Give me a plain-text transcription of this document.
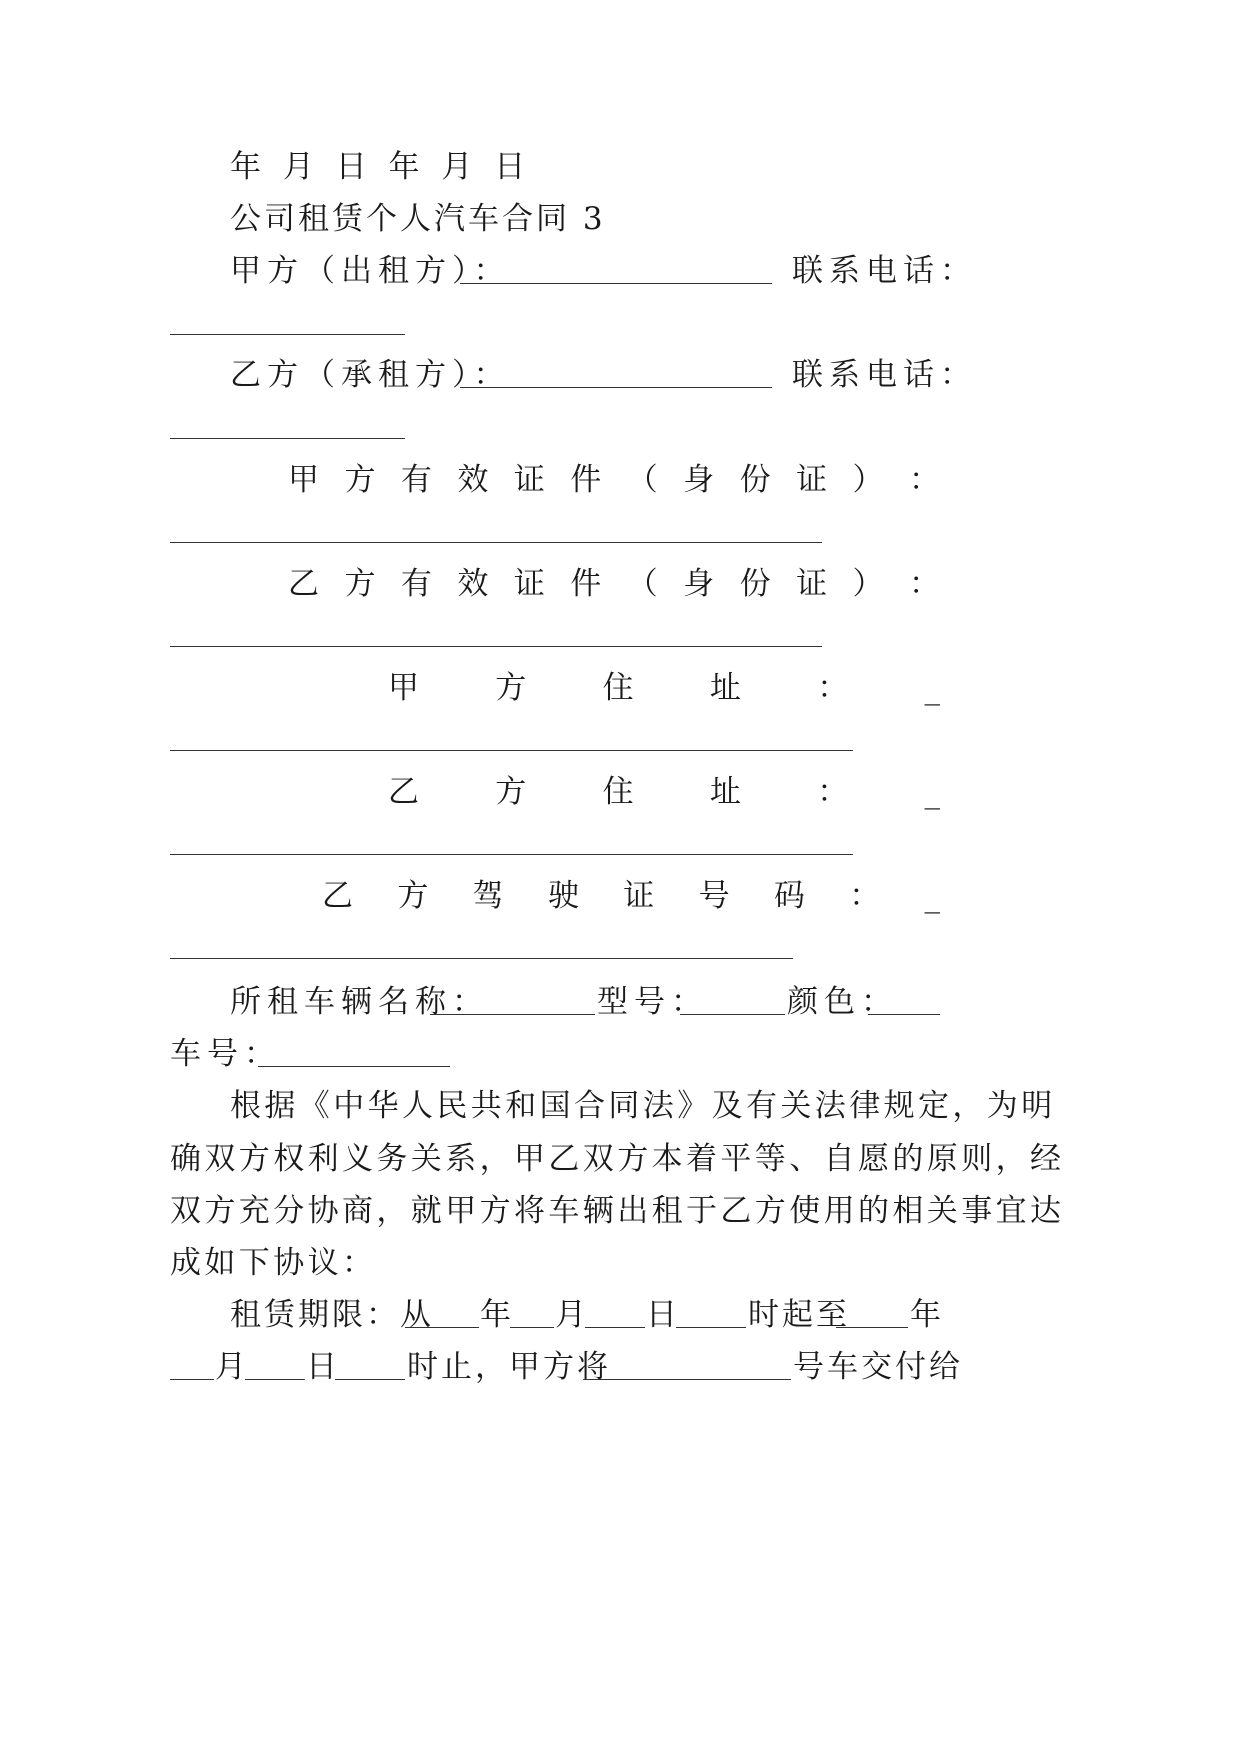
年 月 日 年 月 日
公司租赁个人汽车合同 3
甲方（出租方）：	联系电话：
乙方（承租方）：	联系电话：
甲 方 有 效 证 件 （ 身 份 证 ） ：
乙 方 有 效 证 件 （ 身 份 证 ） ：
甲 方 住 址 ： _
乙 方 住 址 ： _
乙 方 驾 驶 证 号 码 ： _
所租车辆名称：	型号：	颜色：
车号：
根据《中华人民共和国合同法》及有关法律规定，为明
确双方权利义务关系，甲乙双方本着平等、自愿的原则，经
双方充分协商，就甲方将车辆出租于乙方使用的相关事宜达
成如下协议：
租赁期限：从 年 月 日 时起至 年
月 日 时止，甲方将	号车交付给
